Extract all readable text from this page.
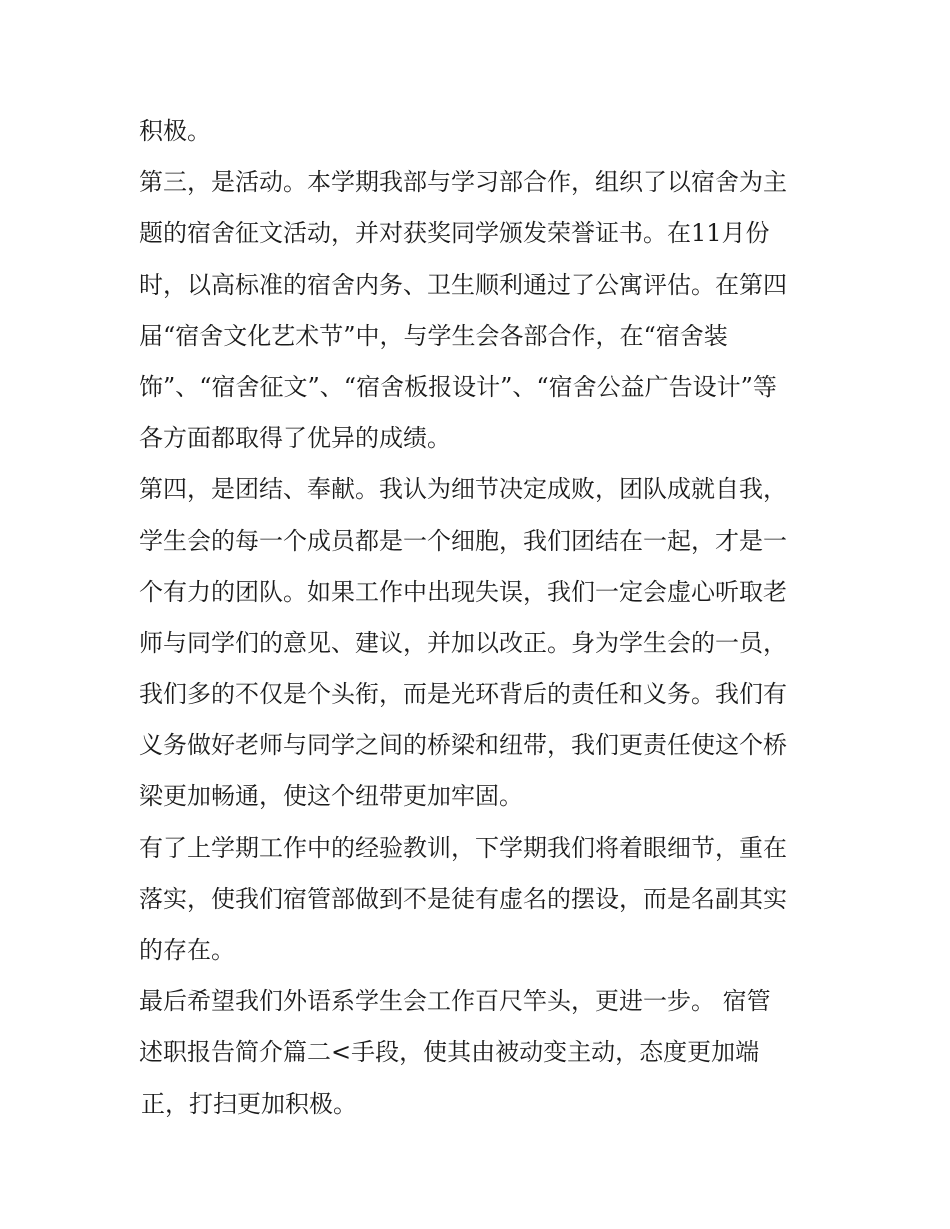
积极。

第三，是活动。本学期我部与学习部合作，组织了以宿舍为主

题的宿舍征文活动，并对获奖同学颁发荣誉证书。在11月份

时，以高标准的宿舍内务、卫生顺利通过了公寓评估。在第四

届“宿舍文化艺术节”中，与学生会各部合作，在“宿舍装

饰”、“宿舍征文”、“宿舍板报设计”、“宿舍公益广告设计”等

各方面都取得了优异的成绩。

第四，是团结、奉献。我认为细节决定成败，团队成就自我，

学生会的每一个成员都是一个细胞，我们团结在一起，才是一

个有力的团队。如果工作中出现失误，我们一定会虚心听取老

师与同学们的意见、建议，并加以改正。身为学生会的一员，

我们多的不仅是个头衔，而是光环背后的责任和义务。我们有

义务做好老师与同学之间的桥梁和纽带，我们更责任使这个桥

梁更加畅通，使这个纽带更加牢固。

有了上学期工作中的经验教训，下学期我们将着眼细节，重在

落实，使我们宿管部做到不是徒有虚名的摆设，而是名副其实

的存在。

最后希望我们外语系学生会工作百尺竿头，更进一步。 宿管

述职报告简介篇二<手段，使其由被动变主动，态度更加端

正，打扫更加积极。
